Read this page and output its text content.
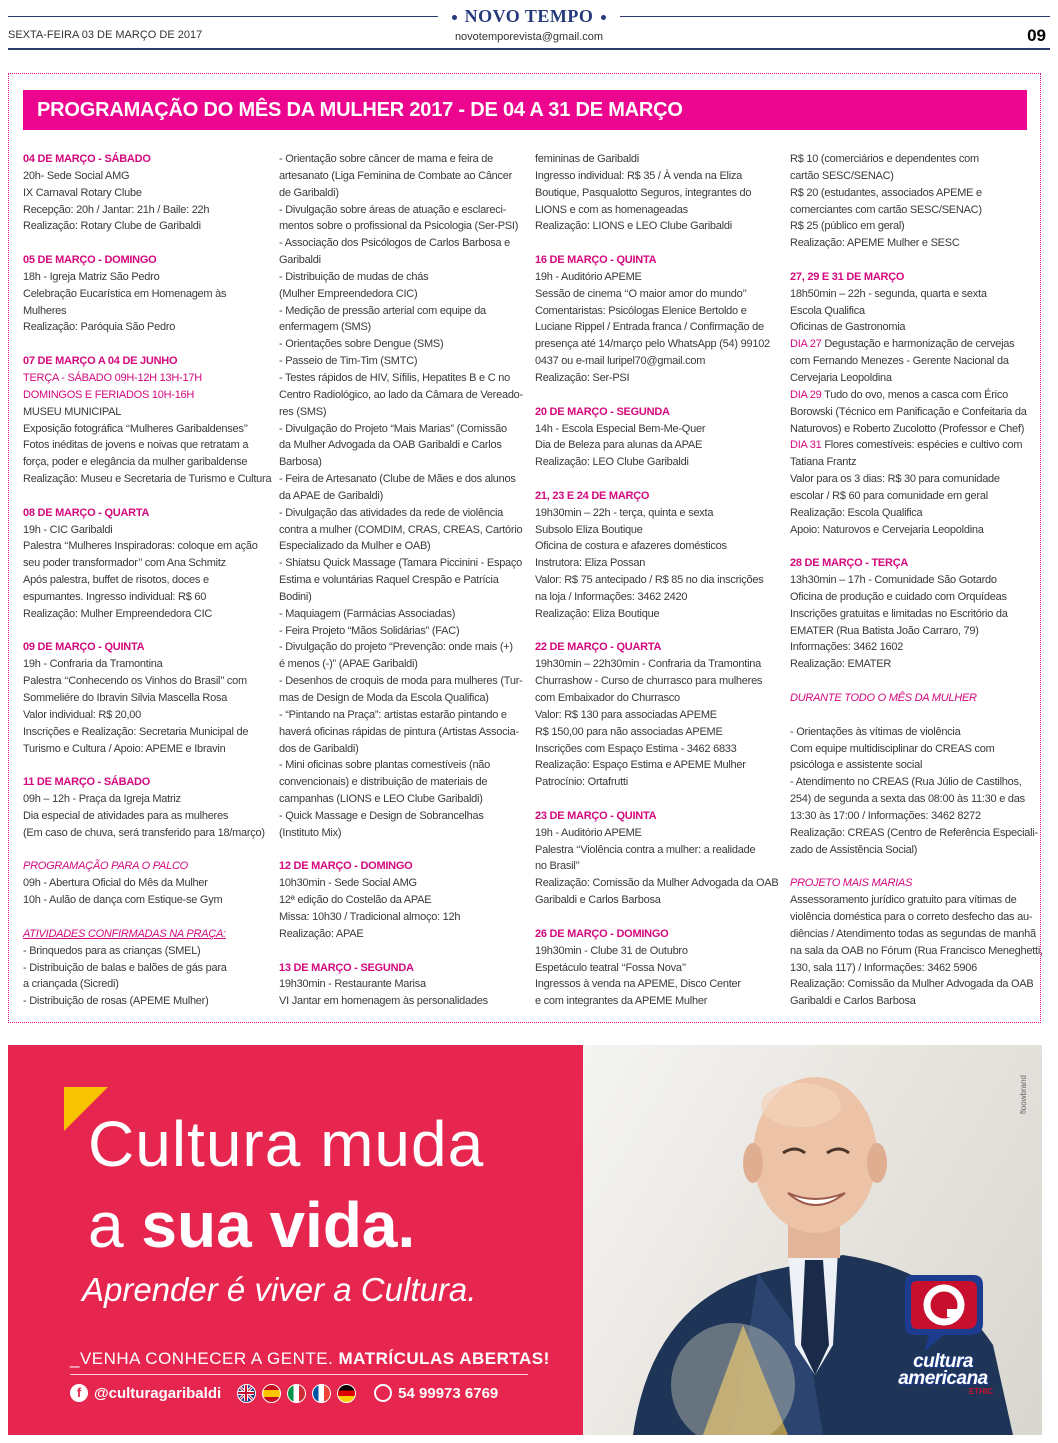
NOVO TEMPO
SEXTA-FEIRA 03 DE MARÇO DE 2017	novotemporevista@gmail.com	09
PROGRAMAÇÃO DO MÊS DA MULHER 2017 - DE 04 A 31 DE MARÇO

04 DE MARÇO - SÁBADO

20h- Sede Social AMG

IX Carnaval Rotary Clube

Recepção: 20h / Jantar: 21h / Baile: 22h

Realização: Rotary Clube de Garibaldi

05 DE MARÇO - DOMINGO

18h - Igreja Matriz São Pedro

Celebração Eucarística em Homenagem às

Mulheres

Realização: Paróquia São Pedro

07 DE MARÇO A 04 DE JUNHO

TERÇA - SÁBADO 09H-12H 13H-17H

DOMINGOS E FERIADOS 10H-16H

MUSEU MUNICIPAL

Exposição fotográfica ‘‘Mulheres Garibaldenses’’

Fotos inéditas de jovens e noivas que retratam a

força, poder e elegância da mulher garibaldense

Realização: Museu e Secretaria de Turismo e Cultura

08 DE MARÇO - QUARTA

19h - CIC Garibaldi

Palestra ‘‘Mulheres Inspiradoras: coloque em ação

seu poder transformador’’ com Ana Schmitz

Após palestra, buffet de risotos, doces e

espumantes. Ingresso individual: R$ 60

Realização: Mulher Empreendedora CIC

09 DE MARÇO - QUINTA

19h - Confraria da Tramontina

Palestra ‘‘Conhecendo os Vinhos do Brasil’’ com

Sommeliére do Ibravin Silvia Mascella Rosa

Valor individual: R$ 20,00

Inscrições e Realização: Secretaria Municipal de

Turismo e Cultura / Apoio: APEME e Ibravin

11 DE MARÇO - SÁBADO

09h – 12h - Praça da Igreja Matriz

Dia especial de atividades para as mulheres

(Em caso de chuva, será transferido para 18/março)

PROGRAMAÇÃO PARA O PALCO

09h - Abertura Oficial do Mês da Mulher

10h - Aulão de dança com Estique-se Gym

ATIVIDADES CONFIRMADAS NA PRAÇA:

- Brinquedos para as crianças (SMEL)

- Distribuição de balas e balões de gás para

a criançada (Sicredi)

- Distribuição de rosas (APEME Mulher)

- Orientação sobre câncer de mama e feira de

artesanato (Liga Feminina de Combate ao Câncer

de Garibaldi)

- Divulgação sobre áreas de atuação e esclareci-

mentos sobre o profissional da Psicologia (Ser-PSI)

- Associação dos Psicólogos de Carlos Barbosa e

Garibaldi

- Distribuição de mudas de chás

(Mulher Empreendedora CIC)

- Medição de pressão arterial com equipe da

enfermagem (SMS)

- Orientações sobre Dengue (SMS)

- Passeio de Tim-Tim (SMTC)

- Testes rápidos de HIV, Sífilis, Hepatites B e C no

Centro Radiológico, ao lado da Câmara de Vereado-

res (SMS)

- Divulgação do Projeto “Mais Marias” (Comissão

da Mulher Advogada da OAB Garibaldi e Carlos

Barbosa)

- Feira de Artesanato (Clube de Mães e dos alunos

da APAE de Garibaldi)

- Divulgação das atividades da rede de violência

contra a mulher (COMDIM, CRAS, CREAS, Cartório

Especializado da Mulher e OAB)

- Shiatsu Quick Massage (Tamara Piccinini - Espaço

Estima e voluntárias Raquel Crespão e Patrícia

Bodini)

- Maquiagem (Farmácias Associadas)

- Feira Projeto “Mãos Solidárias” (FAC)

- Divulgação do projeto “Prevenção: onde mais (+)

é menos (-)” (APAE Garibaldi)

- Desenhos de croquis de moda para mulheres (Tur-

mas de Design de Moda da Escola Qualifica)

- “Pintando na Praça”: artistas estarão pintando e

haverá oficinas rápidas de pintura (Artistas Associa-

dos de Garibaldi)

- Mini oficinas sobre plantas comestíveis (não

convencionais) e distribuição de materiais de

campanhas (LIONS e LEO Clube Garibaldi)

- Quick Massage e Design de Sobrancelhas

(Instituto Mix)

12 DE MARÇO - DOMINGO

10h30min - Sede Social AMG

12ª edição do Costelão da APAE

Missa: 10h30 / Tradicional almoço: 12h

Realização: APAE

13 DE MARÇO - SEGUNDA

19h30min - Restaurante Marisa

VI Jantar em homenagem às personalidades

femininas de Garibaldi

Ingresso individual: R$ 35 / À venda na Eliza

Boutique, Pasqualotto Seguros, integrantes do

LIONS e com as homenageadas

Realização: LIONS e LEO Clube Garibaldi

16 DE MARÇO - QUINTA

19h - Auditório APEME

Sessão de cinema ‘‘O maior amor do mundo’’

Comentaristas: Psicólogas Elenice Bertoldo e

Luciane Rippel / Entrada franca / Confirmação de

presença até 14/março pelo WhatsApp (54) 99102

0437 ou e-mail luripel70@gmail.com

Realização: Ser-PSI

20 DE MARÇO - SEGUNDA

14h - Escola Especial Bem-Me-Quer

Dia de Beleza para alunas da APAE

Realização: LEO Clube Garibaldi

21, 23 E 24 DE MARÇO

19h30min – 22h - terça, quinta e sexta

Subsolo Eliza Boutique

Oficina de costura e afazeres domésticos

Instrutora: Eliza Possan

Valor: R$ 75 antecipado / R$ 85 no dia inscrições

na loja / Informações: 3462 2420

Realização: Eliza Boutique

22 DE MARÇO - QUARTA

19h30min – 22h30min - Confraria da Tramontina

Churrashow - Curso de churrasco para mulheres

com Embaixador do Churrasco

Valor: R$ 130 para associadas APEME

R$ 150,00 para não associadas APEME

Inscrições com Espaço Estima - 3462 6833

Realização: Espaço Estima e APEME Mulher

Patrocínio: Ortafrutti

23 DE MARÇO - QUINTA

19h - Auditório APEME

Palestra ‘‘Violência contra a mulher: a realidade

no Brasil’’

Realização: Comissão da Mulher Advogada da OAB

Garibaldi e Carlos Barbosa

26 DE MARÇO - DOMINGO

19h30min - Clube 31 de Outubro

Espetáculo teatral ‘‘Fossa Nova’’

Ingressos à venda na APEME, Disco Center

e com integrantes da APEME Mulher

R$ 10 (comerciários e dependentes com

cartão SESC/SENAC)

R$ 20 (estudantes, associados APEME e

comerciantes com cartão SESC/SENAC)

R$ 25 (público em geral)

Realização: APEME Mulher e SESC

27, 29 E 31 DE MARÇO

18h50min – 22h - segunda, quarta e sexta

Escola Qualifica

Oficinas de Gastronomia

DIA 27 Degustação e harmonização de cervejas

com Fernando Menezes - Gerente Nacional da

Cervejaria Leopoldina

DIA 29 Tudo do ovo, menos a casca com Érico

Borowski (Técnico em Panificação e Confeitaria da

Naturovos) e Roberto Zucolotto (Professor e Chef)

DIA 31 Flores comestíveis: espécies e cultivo com

Tatiana Frantz

Valor para os 3 dias: R$ 30 para comunidade

escolar / R$ 60 para comunidade em geral

Realização: Escola Qualifica

Apoio: Naturovos e Cervejaria Leopoldina

28 DE MARÇO - TERÇA

13h30min – 17h - Comunidade São Gotardo

Oficina de produção e cuidado com Orquídeas

Inscrições gratuitas e limitadas no Escritório da

EMATER (Rua Batista João Carraro, 79)

Informações: 3462 1602

Realização: EMATER

DURANTE TODO O MÊS DA MULHER

- Orientações às vítimas de violência

Com equipe multidisciplinar do CREAS com

psicóloga e assistente social

- Atendimento no CREAS (Rua Júlio de Castilhos,

254) de segunda a sexta das 08:00 às 11:30 e das

13:30 às 17:00 / Informações: 3462 8272

Realização: CREAS (Centro de Referência Especiali-

zado de Assistência Social)

PROJETO MAIS MARIAS

Assessoramento jurídico gratuito para vítimas de

violência doméstica para o correto desfecho das au-

diências / Atendimento todas as segundas de manhã

na sala da OAB no Fórum (Rua Francisco Meneghetti,

130, sala 117) / Informações: 3462 5906

Realização: Comissão da Mulher Advogada da OAB

Garibaldi e Carlos Barbosa

Cultura muda
a sua vida.
Aprender é viver a Cultura.
_VENHA CONHECER A GENTE. MATRÍCULAS ABERTAS!
f @culturagaribaldi	54 99973 6769
floowbrand
cultura
americana
ETHIC
